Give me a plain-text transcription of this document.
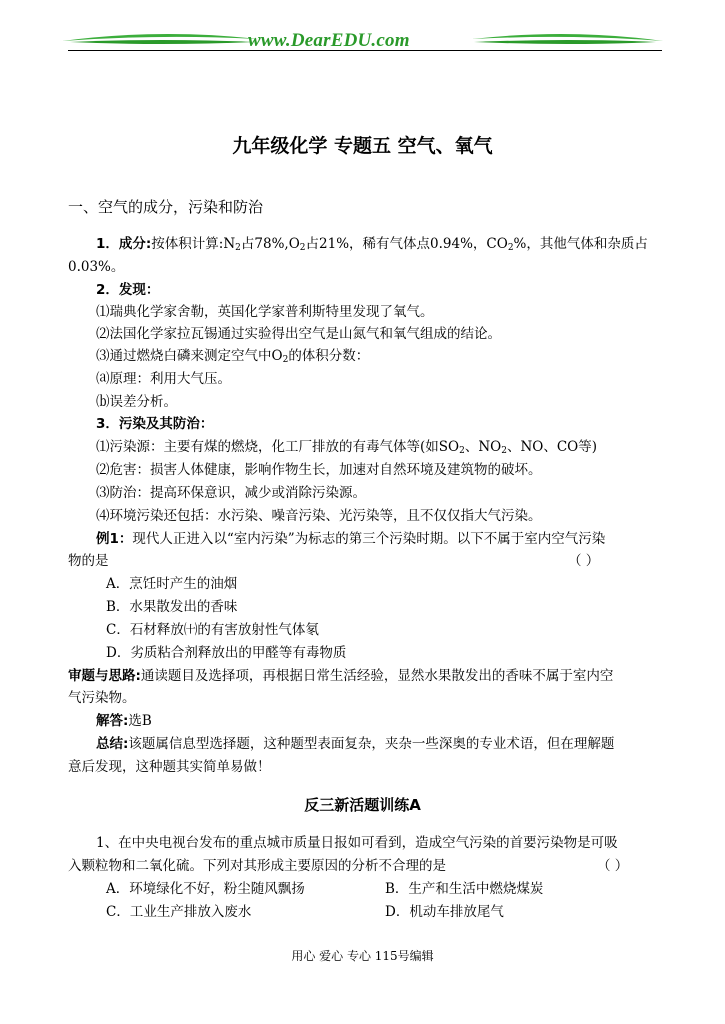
www.DearEDU.com
九年级化学 专题五 空气、氧气
一、空气的成分，污染和防治
1．成分:按体积计算$:N_2$占$78\%,O_2$占21%，稀有气体点0.94%，$CO_2\%$，其他气体和杂质占
0.03%。
2．发现：
⑴瑞典化学家舍勒，英国化学家普利斯特里发现了氧气。
⑵法国化学家拉瓦锡通过实验得出空气是山氮气和氧气组成的结论。
⑶通过燃烧白磷来测定空气中$O_2$的体积分数：
⒜原理：利用大气压。
⒝误差分析。
3．污染及其防治：
⑴污染源：主要有煤的燃烧，化工厂排放的有毒气体等(如$SO_2$、$NO_2$、NO、CO等)
⑵危害：损害人体健康，影响作物生长，加速对自然环境及建筑物的破坏。
⑶防治：提高环保意识，减少或消除污染源。
⑷环境污染还包括：水污染、噪音污染、光污染等，且不仅仅指大气污染。
例1：现代人正进入以“室内污染”为标志的第三个污染时期。以下不属于室内空气污染
物的是	（ ）
A．烹饪时产生的油烟
B．水果散发出的香味
C．石材释放㈩的有害放射性气体氡
D．劣质粘合剂释放出的甲醛等有毒物质
审题与思路:通读题目及选择项，再根据日常生活经验，显然水果散发出的香味不属于室内空
气污染物。
解答:选B
总结:该题属信息型选择题，这种题型表面复杂，夹杂一些深奥的专业术语，但在理解题
意后发现，这种题其实简单易做！
反三新活题训练A
1、在中央电视台发布的重点城市质量日报如可看到，造成空气污染的首要污染物是可吸
入颗粒物和二氧化硫。下列对其形成主要原因的分析不合理的是	（ ）
A．环境绿化不好，粉尘随风飘扬	B．生产和生活中燃烧煤炭
C．工业生产排放入废水	D．机动车排放尾气
用心 爱心 专心 115号编辑
